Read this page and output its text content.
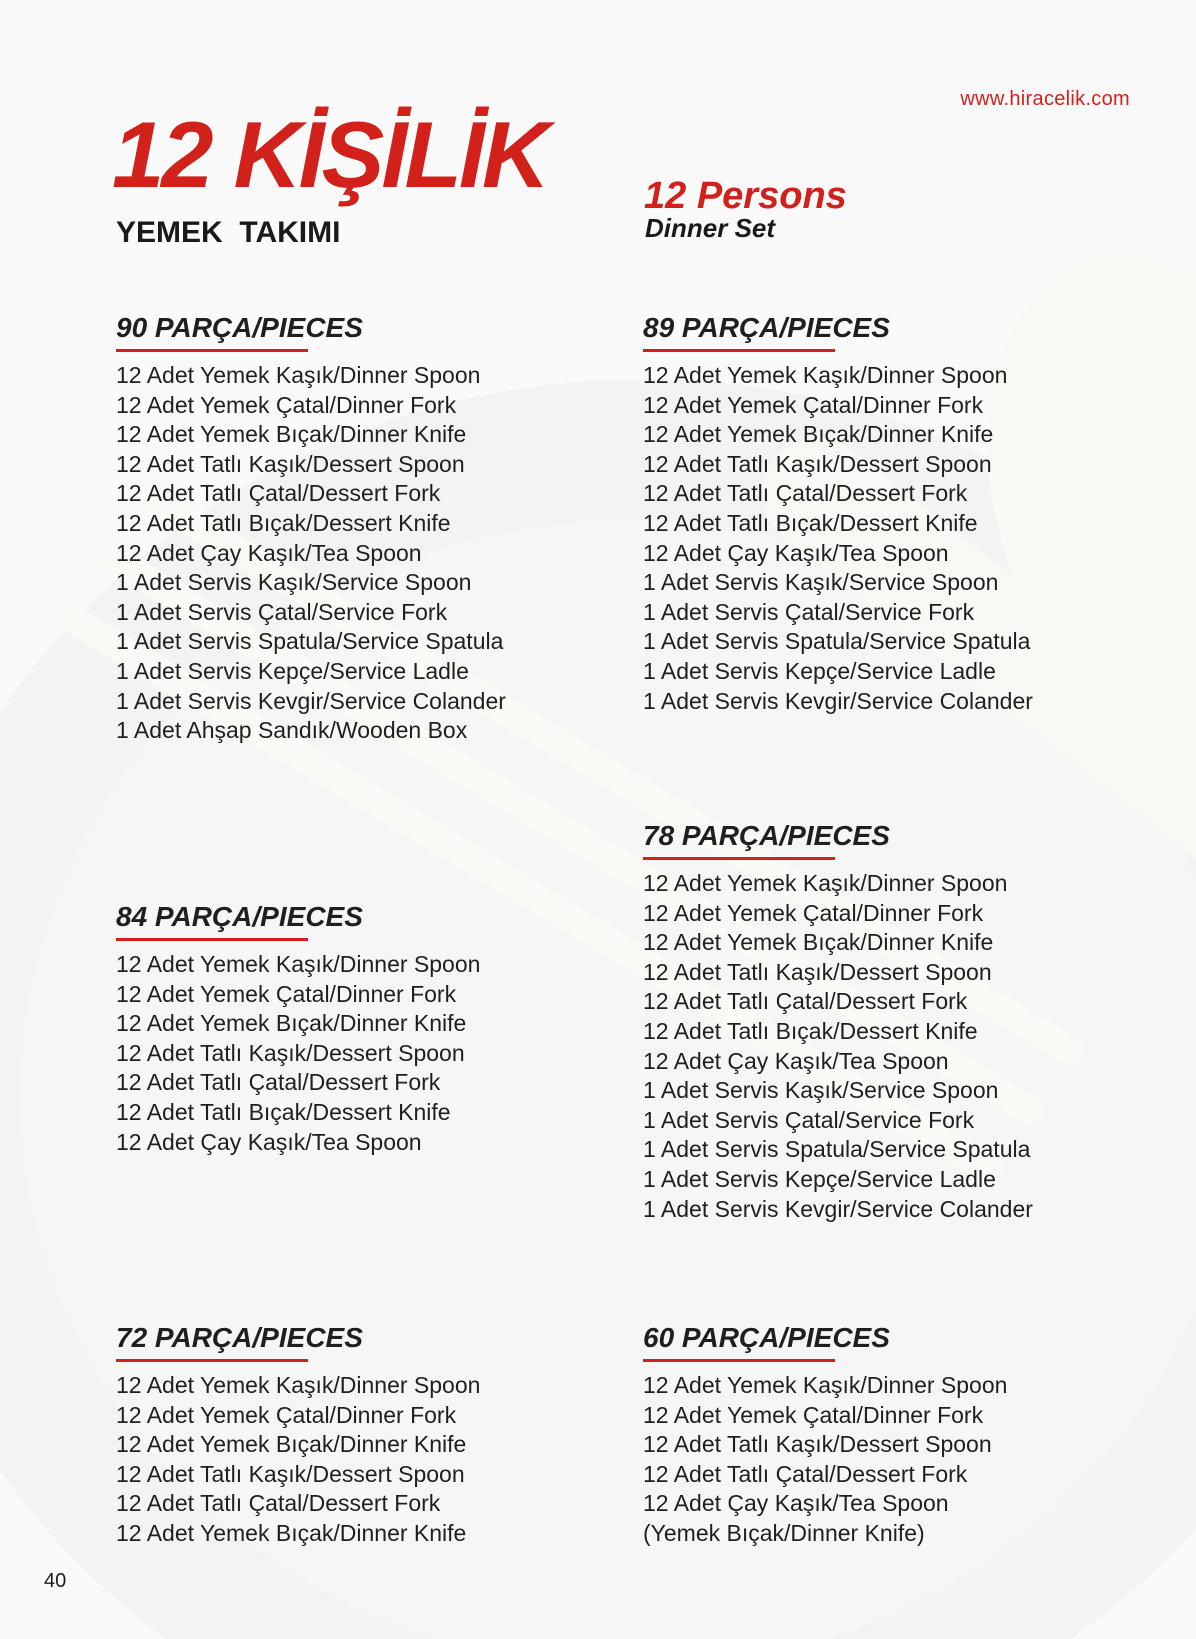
www.hiracelik.com
12 KİŞİLİK
YEMEK  TAKIMI
12 Persons
Dinner Set
90 PARÇA/PIECES
12 Adet Yemek Kaşık/Dinner Spoon
12 Adet Yemek Çatal/Dinner Fork
12 Adet Yemek Bıçak/Dinner Knife
12 Adet Tatlı Kaşık/Dessert Spoon
12 Adet Tatlı Çatal/Dessert Fork
12 Adet Tatlı Bıçak/Dessert Knife
12 Adet Çay Kaşık/Tea Spoon
1 Adet Servis Kaşık/Service Spoon
1 Adet Servis Çatal/Service Fork
1 Adet Servis Spatula/Service Spatula
1 Adet Servis Kepçe/Service Ladle
1 Adet Servis Kevgir/Service Colander
1 Adet Ahşap Sandık/Wooden Box
89 PARÇA/PIECES
12 Adet Yemek Kaşık/Dinner Spoon
12 Adet Yemek Çatal/Dinner Fork
12 Adet Yemek Bıçak/Dinner Knife
12 Adet Tatlı Kaşık/Dessert Spoon
12 Adet Tatlı Çatal/Dessert Fork
12 Adet Tatlı Bıçak/Dessert Knife
12 Adet Çay Kaşık/Tea Spoon
1 Adet Servis Kaşık/Service Spoon
1 Adet Servis Çatal/Service Fork
1 Adet Servis Spatula/Service Spatula
1 Adet Servis Kepçe/Service Ladle
1 Adet Servis Kevgir/Service Colander
78 PARÇA/PIECES
12 Adet Yemek Kaşık/Dinner Spoon
12 Adet Yemek Çatal/Dinner Fork
12 Adet Yemek Bıçak/Dinner Knife
12 Adet Tatlı Kaşık/Dessert Spoon
12 Adet Tatlı Çatal/Dessert Fork
12 Adet Tatlı Bıçak/Dessert Knife
12 Adet Çay Kaşık/Tea Spoon
1 Adet Servis Kaşık/Service Spoon
1 Adet Servis Çatal/Service Fork
1 Adet Servis Spatula/Service Spatula
1 Adet Servis Kepçe/Service Ladle
1 Adet Servis Kevgir/Service Colander
84 PARÇA/PIECES
12 Adet Yemek Kaşık/Dinner Spoon
12 Adet Yemek Çatal/Dinner Fork
12 Adet Yemek Bıçak/Dinner Knife
12 Adet Tatlı Kaşık/Dessert Spoon
12 Adet Tatlı Çatal/Dessert Fork
12 Adet Tatlı Bıçak/Dessert Knife
12 Adet Çay Kaşık/Tea Spoon
72 PARÇA/PIECES
12 Adet Yemek Kaşık/Dinner Spoon
12 Adet Yemek Çatal/Dinner Fork
12 Adet Yemek Bıçak/Dinner Knife
12 Adet Tatlı Kaşık/Dessert Spoon
12 Adet Tatlı Çatal/Dessert Fork
12 Adet Yemek Bıçak/Dinner Knife
60 PARÇA/PIECES
12 Adet Yemek Kaşık/Dinner Spoon
12 Adet Yemek Çatal/Dinner Fork
12 Adet Tatlı Kaşık/Dessert Spoon
12 Adet Tatlı Çatal/Dessert Fork
12 Adet Çay Kaşık/Tea Spoon
(Yemek Bıçak/Dinner Knife)
40
